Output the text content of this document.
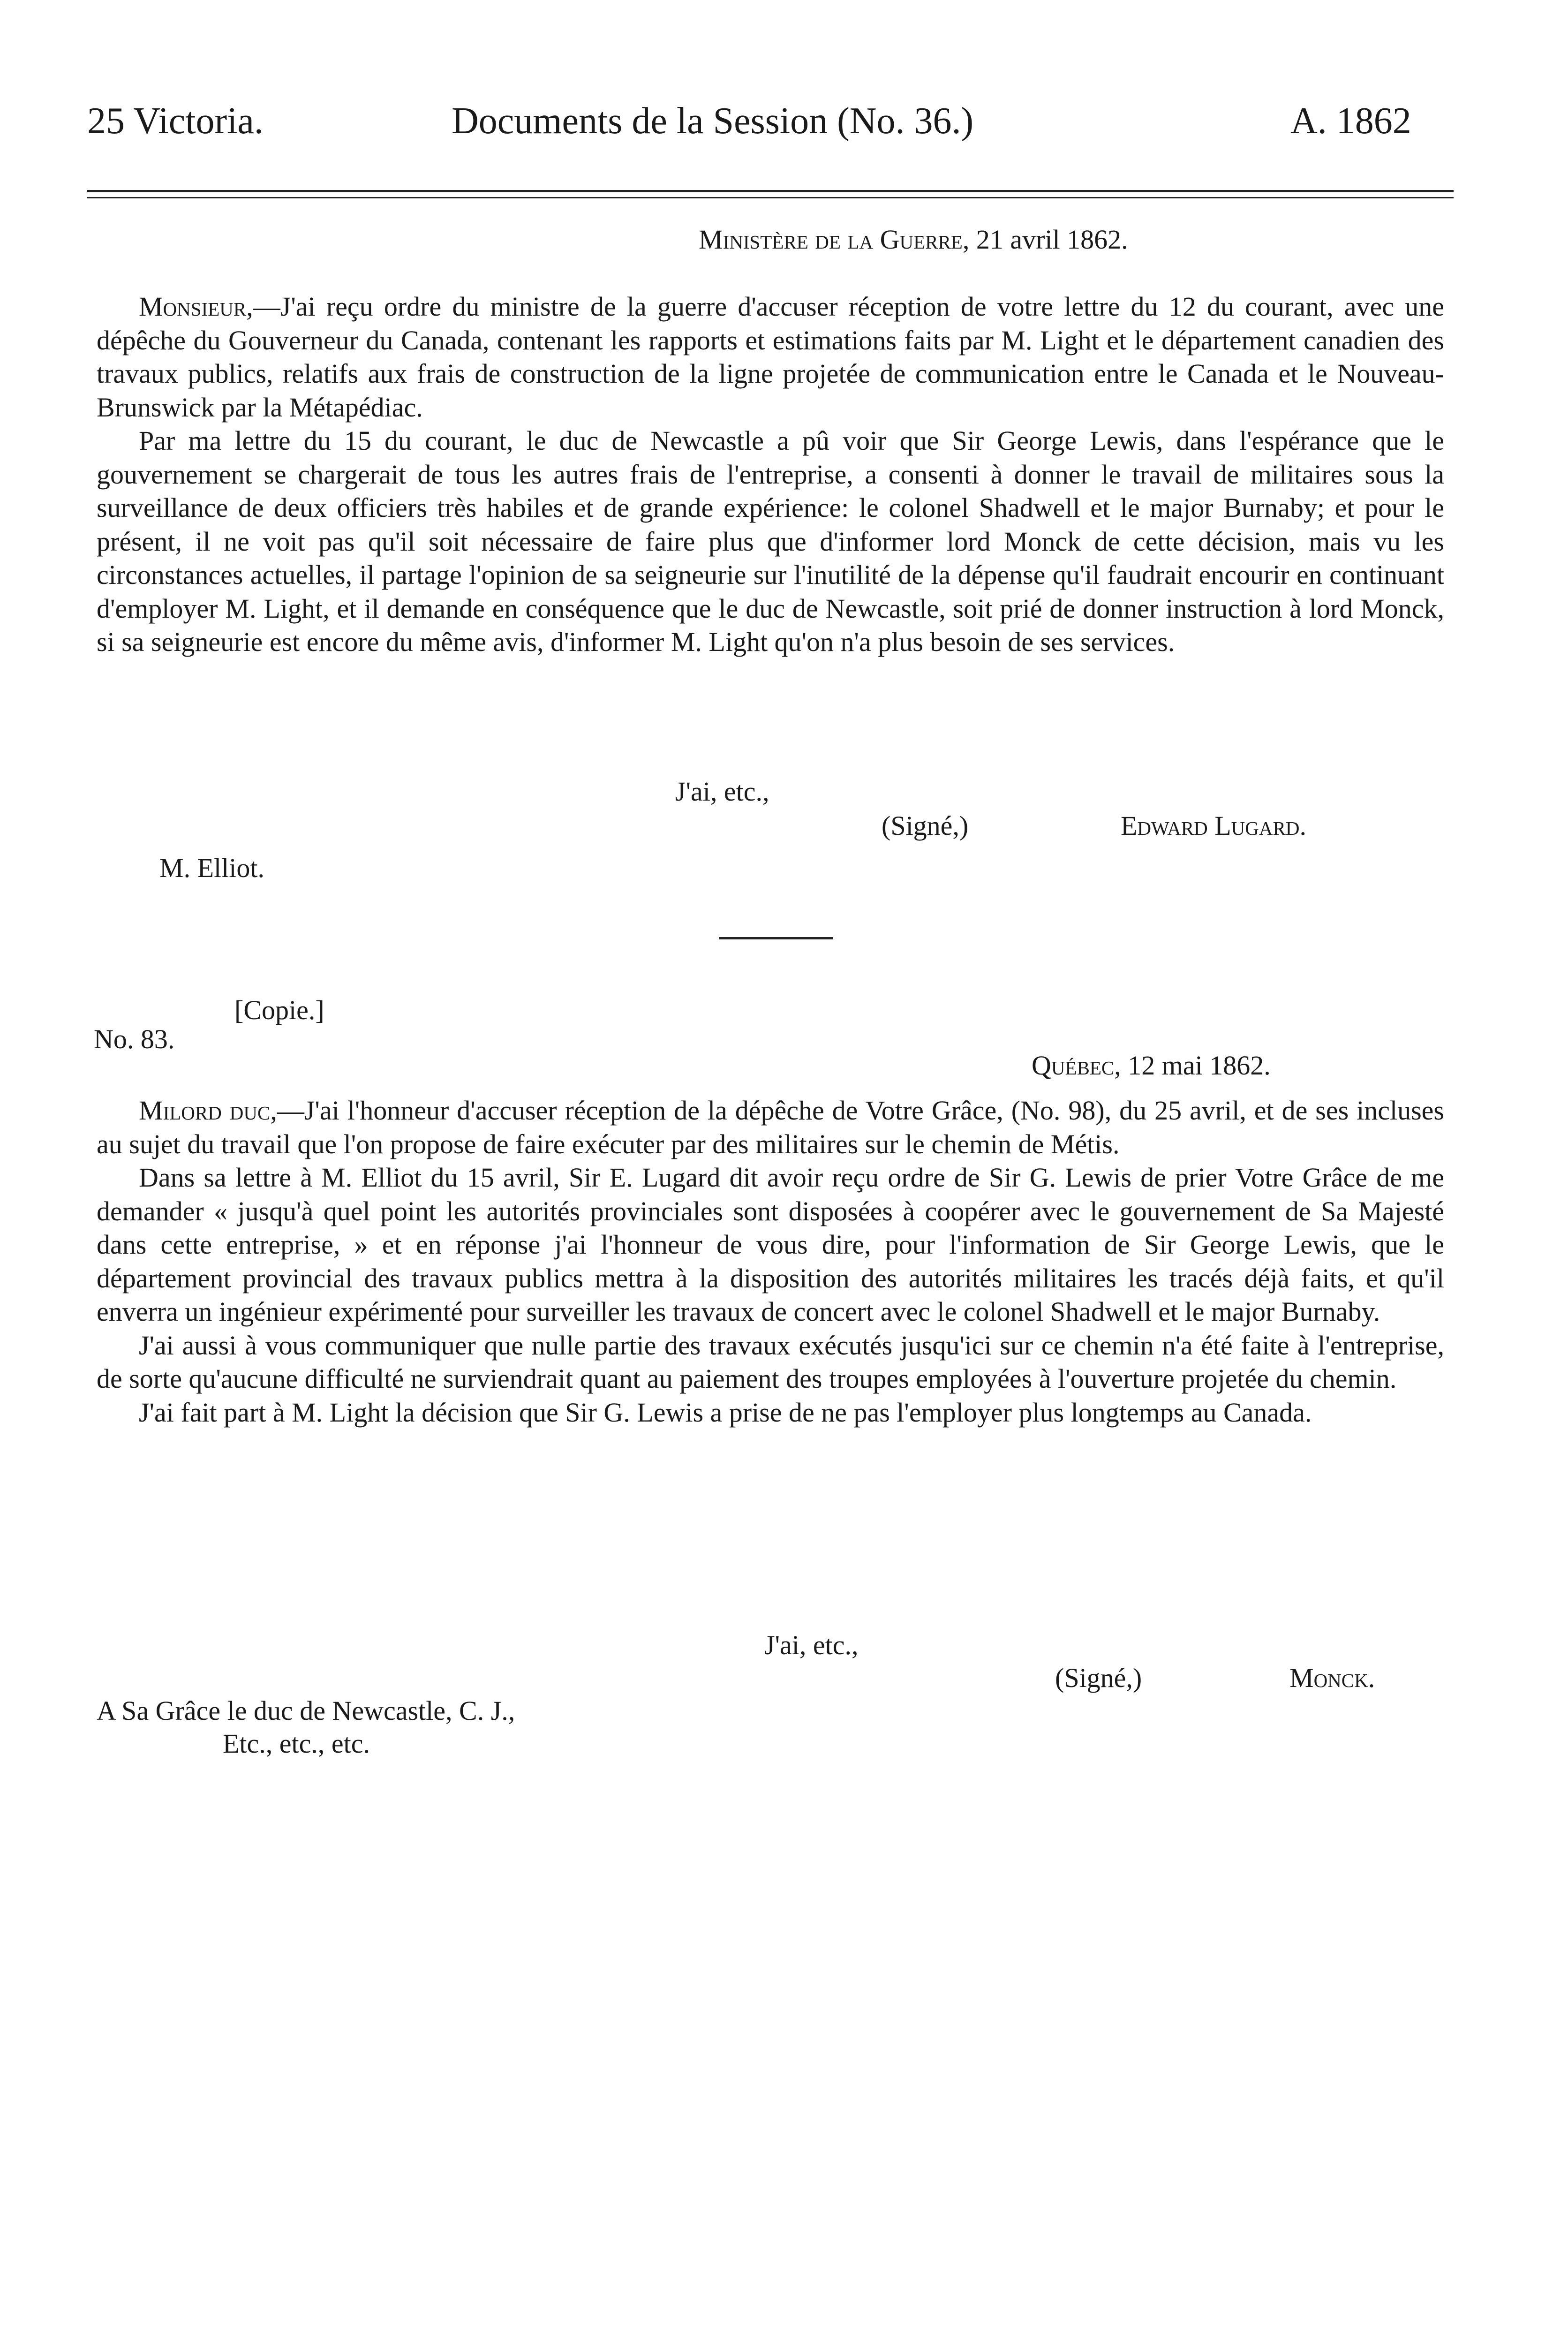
25 Victoria.	Documents de la Session (No. 36.)	A. 1862
Ministère de la Guerre, 21 avril 1862.

Monsieur,—J'ai reçu ordre du ministre de la guerre d'accuser réception de votre lettre du 12 du courant, avec une dépêche du Gouverneur du Canada, contenant les rapports et estimations faits par M. Light et le département canadien des travaux publics, relatifs aux frais de construction de la ligne projetée de communication entre le Canada et le Nouveau-Brunswick par la Métapédiac.

Par ma lettre du 15 du courant, le duc de Newcastle a pû voir que Sir George Lewis, dans l'espérance que le gouvernement se chargerait de tous les autres frais de l'entreprise, a consenti à donner le travail de militaires sous la surveillance de deux officiers très habiles et de grande expérience: le colonel Shadwell et le major Burnaby; et pour le présent, il ne voit pas qu'il soit nécessaire de faire plus que d'informer lord Monck de cette décision, mais vu les circonstances actuelles, il partage l'opinion de sa seigneurie sur l'inutilité de la dépense qu'il faudrait encourir en continuant d'employer M. Light, et il demande en conséquence que le duc de Newcastle, soit prié de donner instruction à lord Monck, si sa seigneurie est encore du même avis, d'informer M. Light qu'on n'a plus besoin de ses services.

J'ai, etc.,
(Signé,)	Edward Lugard.
M. Elliot.
[Copie.]
No. 83.
Québec, 12 mai 1862.

Milord duc,—J'ai l'honneur d'accuser réception de la dépêche de Votre Grâce, (No. 98), du 25 avril, et de ses incluses au sujet du travail que l'on propose de faire exécuter par des militaires sur le chemin de Métis.

Dans sa lettre à M. Elliot du 15 avril, Sir E. Lugard dit avoir reçu ordre de Sir G. Lewis de prier Votre Grâce de me demander « jusqu'à quel point les autorités provinciales sont disposées à coopérer avec le gouvernement de Sa Majesté dans cette entreprise, » et en réponse j'ai l'honneur de vous dire, pour l'information de Sir George Lewis, que le département provincial des travaux publics mettra à la disposition des autorités militaires les tracés déjà faits, et qu'il enverra un ingénieur expérimenté pour surveiller les travaux de concert avec le colonel Shadwell et le major Burnaby.

J'ai aussi à vous communiquer que nulle partie des travaux exécutés jusqu'ici sur ce chemin n'a été faite à l'entreprise, de sorte qu'aucune difficulté ne surviendrait quant au paiement des troupes employées à l'ouverture projetée du chemin.

J'ai fait part à M. Light la décision que Sir G. Lewis a prise de ne pas l'employer plus longtemps au Canada.

J'ai, etc.,
(Signé,)	Monck.
A Sa Grâce le duc de Newcastle, C. J.,
Etc., etc., etc.
